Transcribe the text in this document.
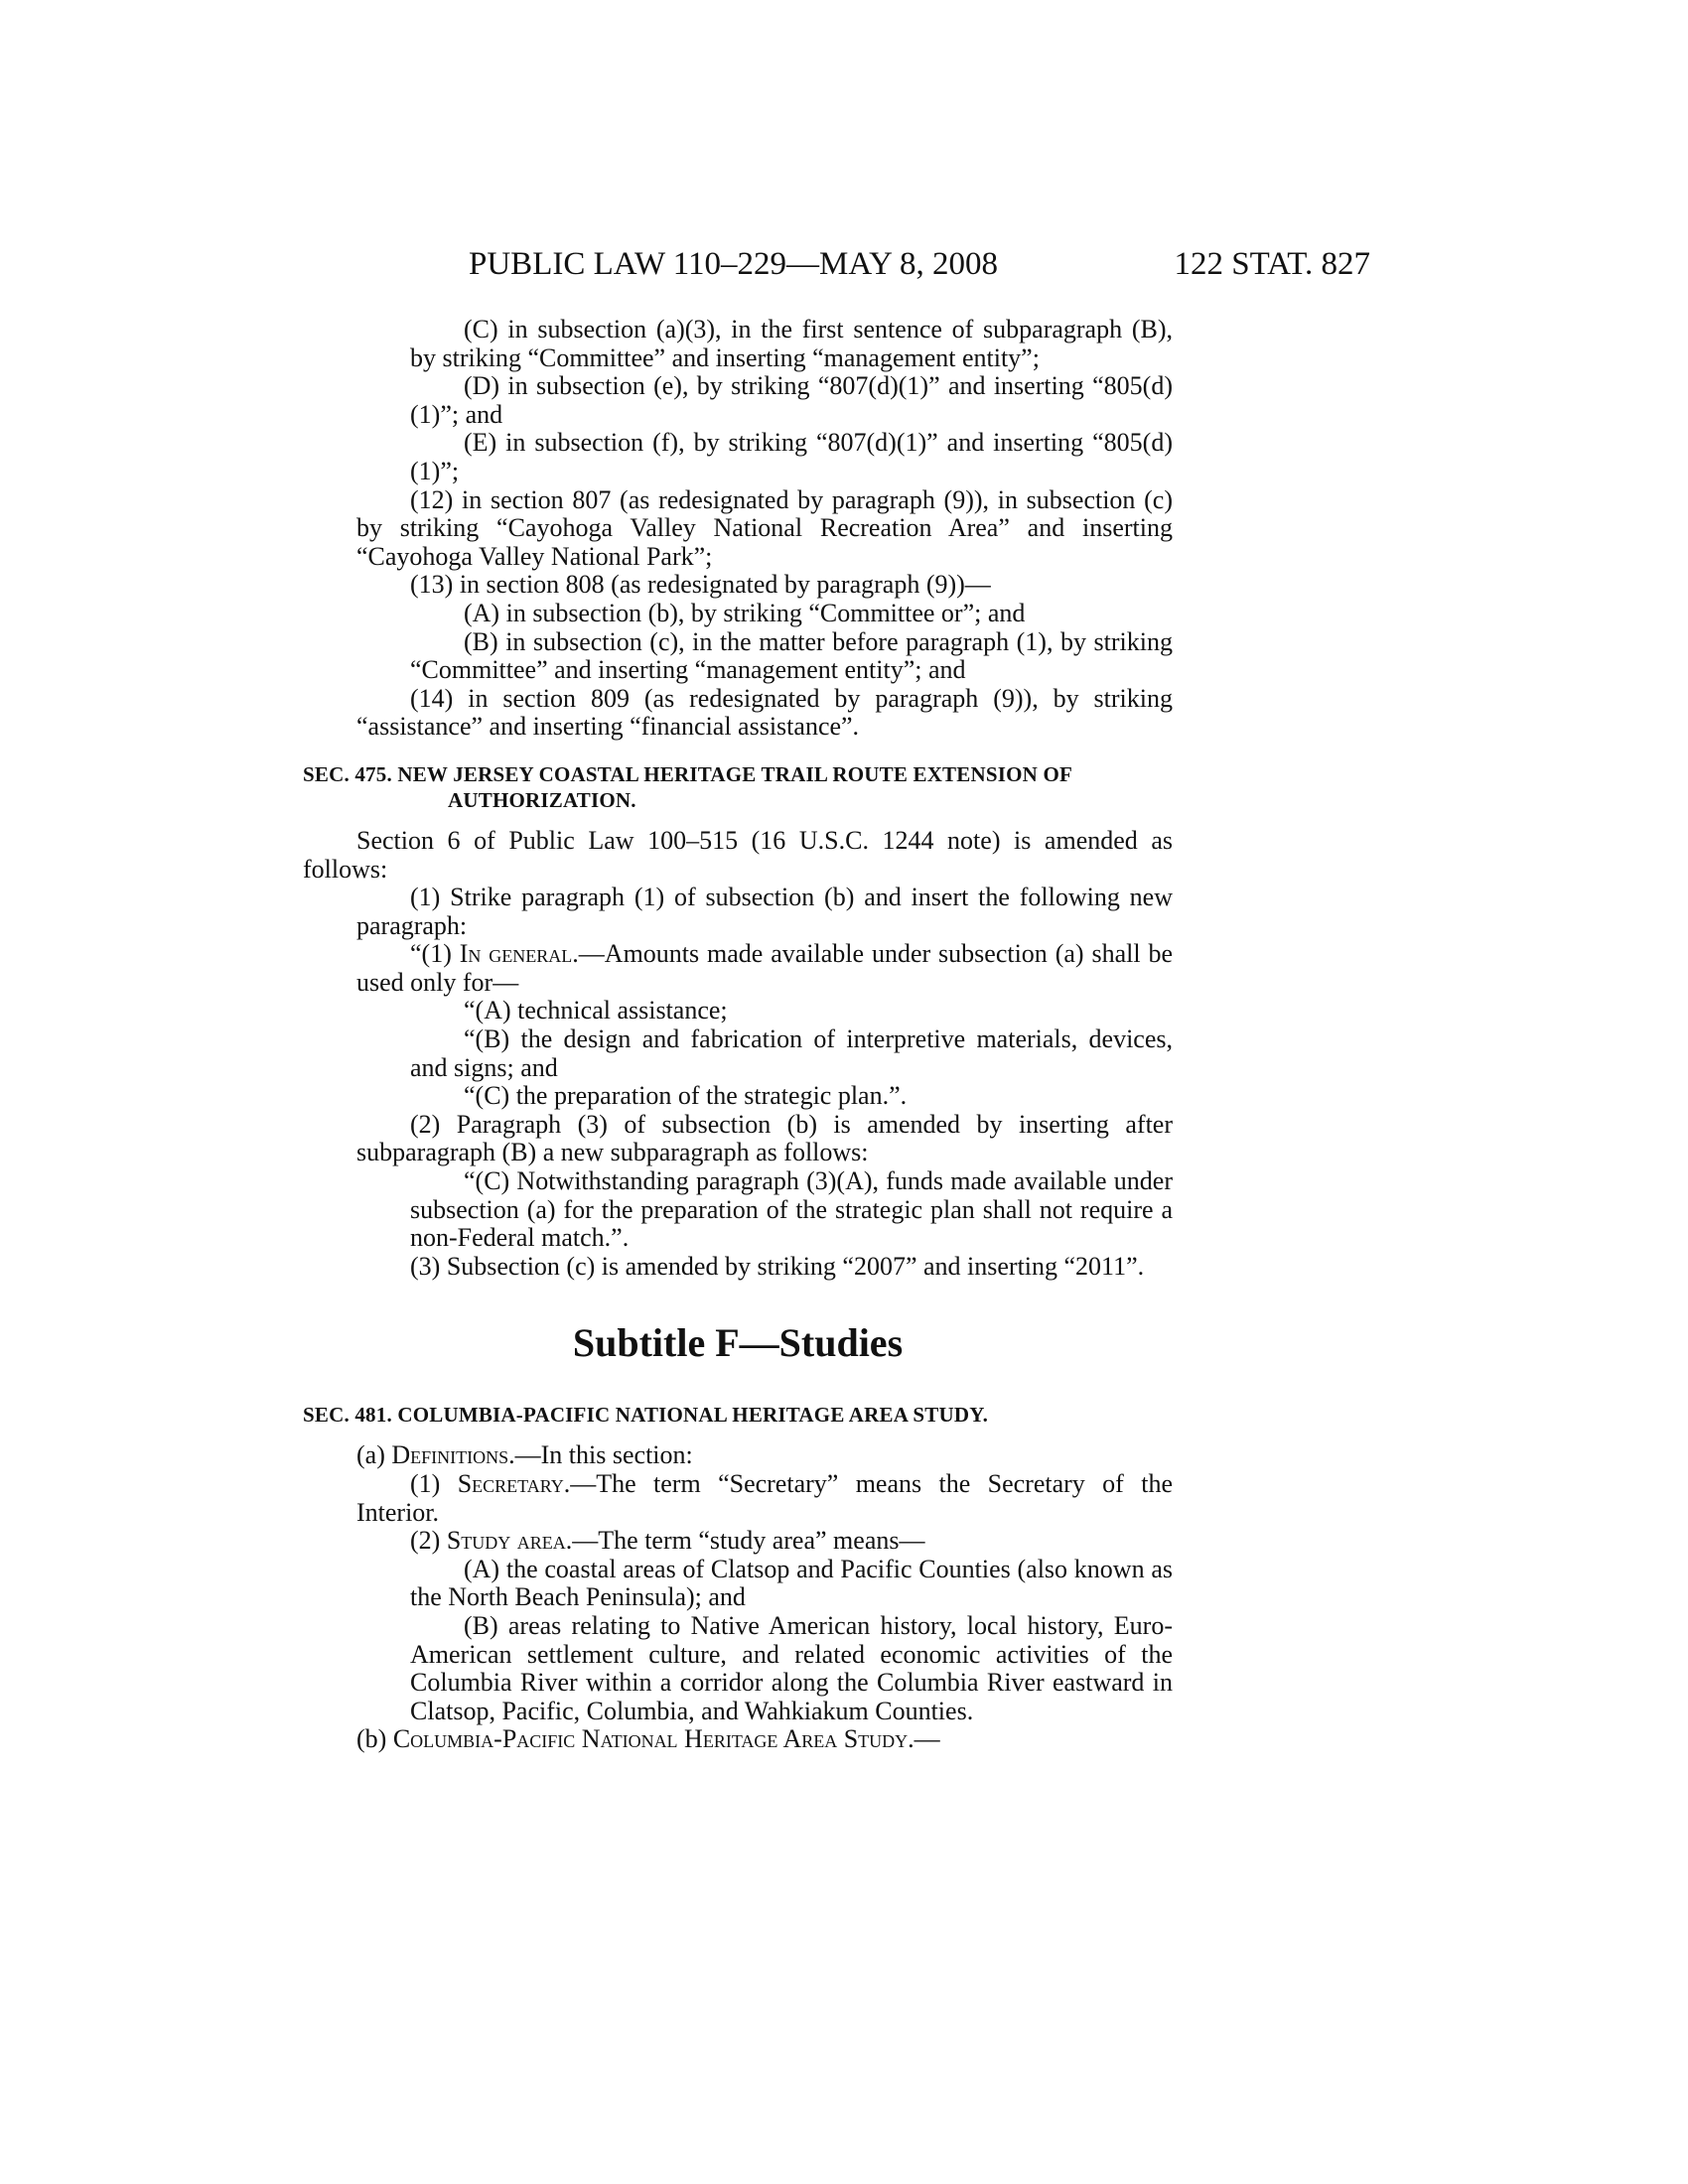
PUBLIC LAW 110–229—MAY 8, 2008	122 STAT. 827

(C) in subsection (a)(3), in the first sentence of subparagraph (B), by striking “Committee” and inserting “management entity”;

(D) in subsection (e), by striking “807(d)(1)” and inserting “805(d)(1)”; and

(E) in subsection (f), by striking “807(d)(1)” and inserting “805(d)(1)”;

(12) in section 807 (as redesignated by paragraph (9)), in subsection (c) by striking “Cayohoga Valley National Recreation Area” and inserting “Cayohoga Valley National Park”;

(13) in section 808 (as redesignated by paragraph (9))—

(A) in subsection (b), by striking “Committee or”; and

(B) in subsection (c), in the matter before paragraph (1), by striking “Committee” and inserting “management entity”; and

(14) in section 809 (as redesignated by paragraph (9)), by striking “assistance” and inserting “financial assistance”.

SEC. 475. NEW JERSEY COASTAL HERITAGE TRAIL ROUTE EXTENSION OF AUTHORIZATION.

Section 6 of Public Law 100–515 (16 U.S.C. 1244 note) is amended as follows:

(1) Strike paragraph (1) of subsection (b) and insert the following new paragraph:

“(1) In general.—Amounts made available under subsection (a) shall be used only for—

“(A) technical assistance;

“(B) the design and fabrication of interpretive materials, devices, and signs; and

“(C) the preparation of the strategic plan.”.

(2) Paragraph (3) of subsection (b) is amended by inserting after subparagraph (B) a new subparagraph as follows:

“(C) Notwithstanding paragraph (3)(A), funds made available under subsection (a) for the preparation of the strategic plan shall not require a non-Federal match.”.

(3) Subsection (c) is amended by striking “2007” and inserting “2011”.

Subtitle F—Studies
SEC. 481. COLUMBIA-PACIFIC NATIONAL HERITAGE AREA STUDY.

(a) Definitions.—In this section:

(1) Secretary.—The term “Secretary” means the Secretary of the Interior.

(2) Study area.—The term “study area” means—

(A) the coastal areas of Clatsop and Pacific Counties (also known as the North Beach Peninsula); and

(B) areas relating to Native American history, local history, Euro-American settlement culture, and related economic activities of the Columbia River within a corridor along the Columbia River eastward in Clatsop, Pacific, Columbia, and Wahkiakum Counties.

(b) Columbia-Pacific National Heritage Area Study.—
